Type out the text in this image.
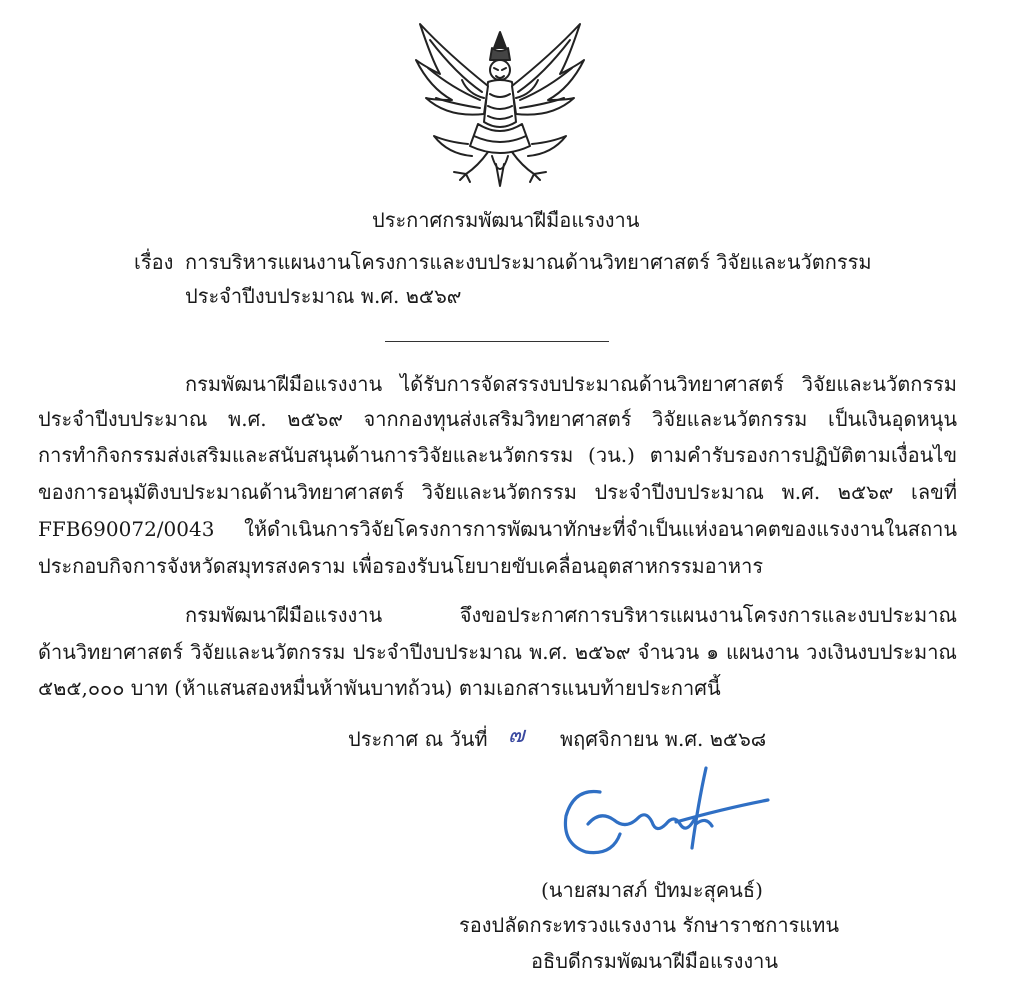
ประกาศกรมพัฒนาฝีมือแรงงาน
เรื่อง การบริหารแผนงานโครงการและงบประมาณด้านวิทยาศาสตร์ วิจัยและนวัตกรรม
ประจำปีงบประมาณ พ.ศ. ๒๕๖๙
กรมพัฒนาฝีมือแรงงาน ได้รับการจัดสรรงบประมาณด้านวิทยาศาสตร์ วิจัยและนวัตกรรม
ประจำปีงบประมาณ พ.ศ. ๒๕๖๙ จากกองทุนส่งเสริมวิทยาศาสตร์ วิจัยและนวัตกรรม เป็นเงินอุดหนุน
การทำกิจกรรมส่งเสริมและสนับสนุนด้านการวิจัยและนวัตกรรม (วน.) ตามคำรับรองการปฏิบัติตามเงื่อนไข
ของการอนุมัติงบประมาณด้านวิทยาศาสตร์ วิจัยและนวัตกรรม ประจำปีงบประมาณ พ.ศ. ๒๕๖๙ เลขที่
FFB690072/0043 ให้ดำเนินการวิจัยโครงการการพัฒนาทักษะที่จำเป็นแห่งอนาคตของแรงงานในสถาน
ประกอบกิจการจังหวัดสมุทรสงคราม เพื่อรองรับนโยบายขับเคลื่อนอุตสาหกรรมอาหาร
กรมพัฒนาฝีมือแรงงาน จึงขอประกาศการบริหารแผนงานโครงการและงบประมาณ
ด้านวิทยาศาสตร์ วิจัยและนวัตกรรม ประจำปีงบประมาณ พ.ศ. ๒๕๖๙ จำนวน ๑ แผนงาน วงเงินงบประมาณ
๕๒๕,๐๐๐ บาท (ห้าแสนสองหมื่นห้าพันบาทถ้วน) ตามเอกสารแนบท้ายประกาศนี้
ประกาศ ณ วันที่ ๗ พฤศจิกายน พ.ศ. ๒๕๖๘
(นายสมาสภ์ ปัทมะสุคนธ์)
รองปลัดกระทรวงแรงงาน รักษาราชการแทน
อธิบดีกรมพัฒนาฝีมือแรงงาน
